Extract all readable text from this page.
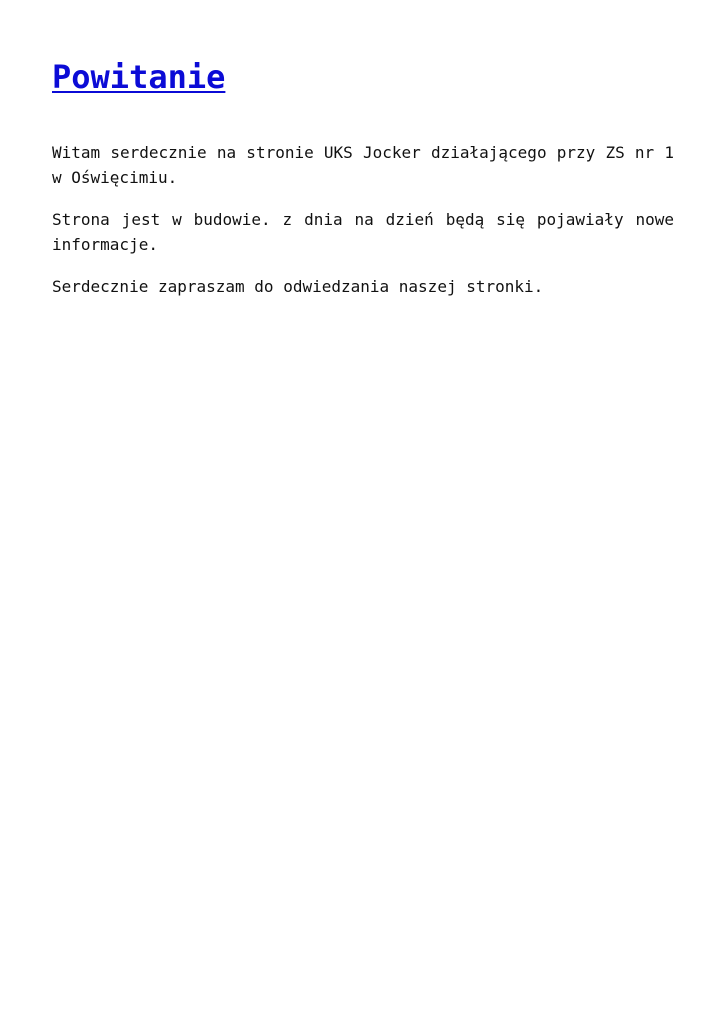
Powitanie

Witam serdecznie na stronie UKS Jocker działającego przy ZS nr 1 w Oświęcimiu.

Strona jest w budowie. z dnia na dzień będą się pojawiały nowe informacje.

Serdecznie zapraszam do odwiedzania naszej stronki.
